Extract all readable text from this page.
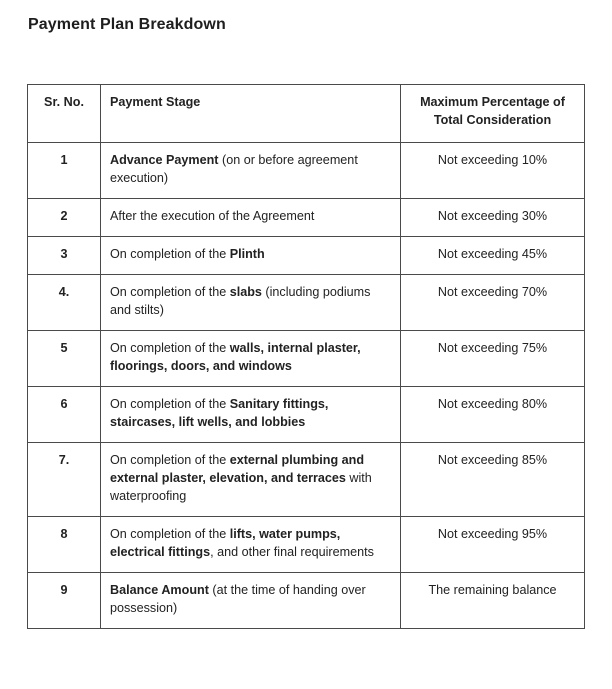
Payment Plan Breakdown
Sr. No.	Payment Stage	Maximum Percentage of Total Consideration
1	Advance Payment (on or before agreement execution)	Not exceeding 10%
2	After the execution of the Agreement	Not exceeding 30%
3	On completion of the Plinth	Not exceeding 45%
4.	On completion of the slabs (including podiums and stilts)	Not exceeding 70%
5	On completion of the walls, internal plaster, floorings, doors, and windows	Not exceeding 75%
6	On completion of the Sanitary fittings, staircases, lift wells, and lobbies	Not exceeding 80%
7.	On completion of the external plumbing and external plaster, elevation, and terraces with waterproofing	Not exceeding 85%
8	On completion of the lifts, water pumps, electrical fittings, and other final requirements	Not exceeding 95%
9	Balance Amount (at the time of handing over possession)	The remaining balance
